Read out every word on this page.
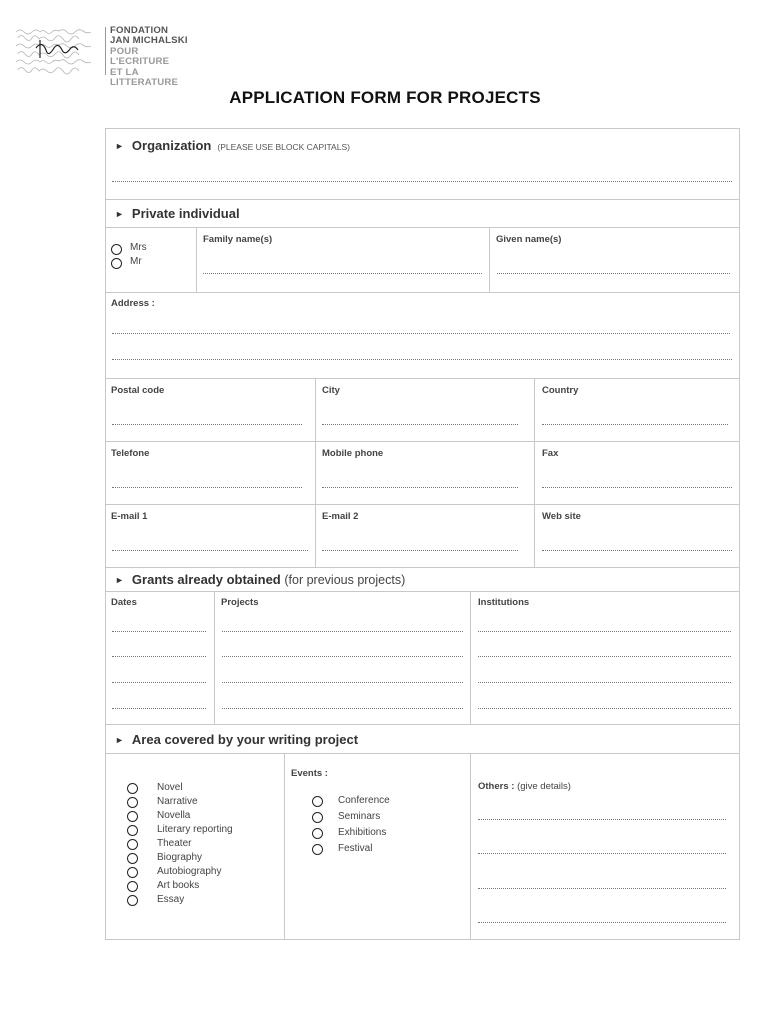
FONDATION
JAN MICHALSKI
POUR
L'ECRITURE
ET LA
LITTERATURE
APPLICATION FORM FOR PROJECTS
► Organization (PLEASE USE BLOCK CAPITALS)
► Private individual
Mrs
Mr
Family name(s)	Given name(s)
Address :
Postal code	City	Country
Telefone	Mobile phone	Fax
E-mail 1	E-mail 2	Web site
► Grants already obtained (for previous projects)
Dates	Projects	Institutions
► Area covered by your writing project
Novel
Narrative
Novella
Literary reporting
Theater
Biography
Autobiography
Art books
Essay
Events :
Conference
Seminars
Exhibitions
Festival
Others : (give details)
